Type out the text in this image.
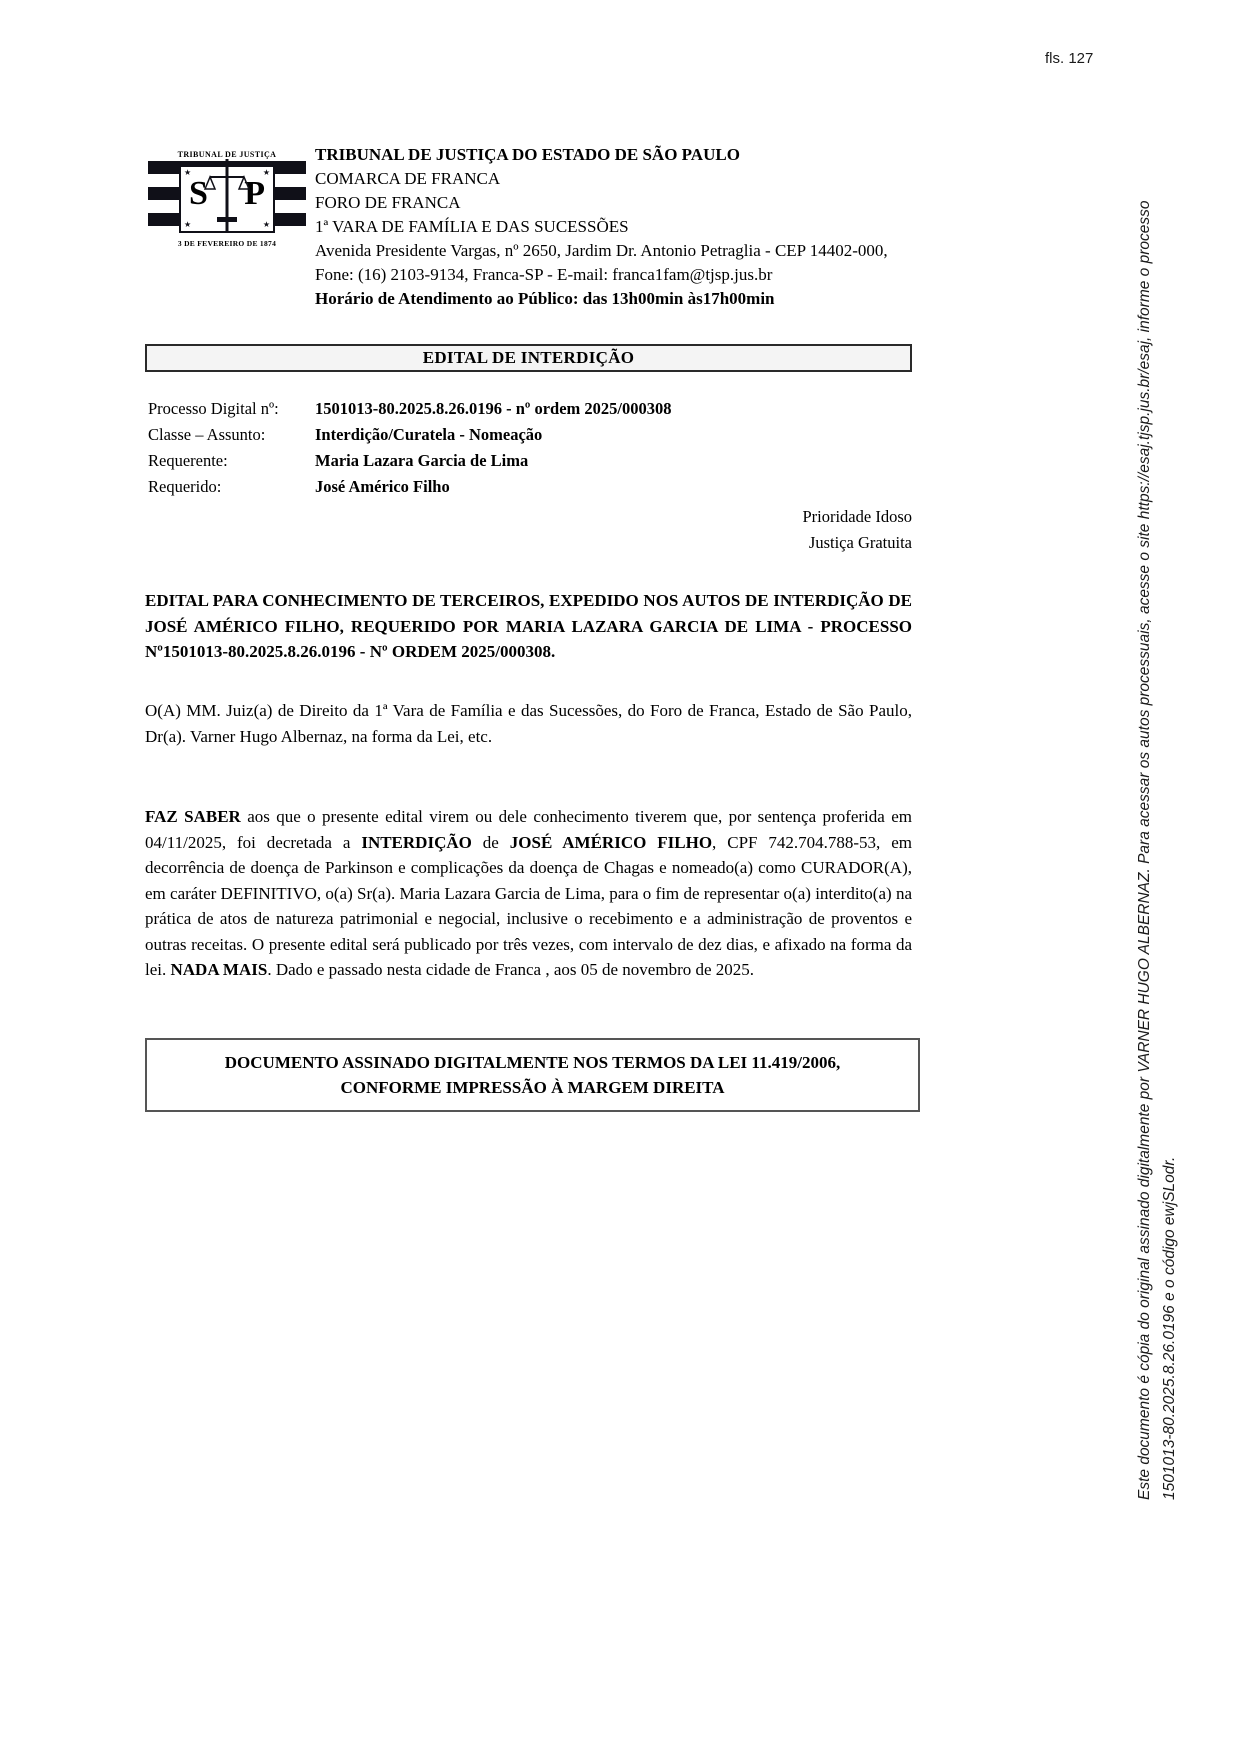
fls. 127
TRIBUNAL DE JUSTIÇA
★	★
★	★
S P
3 DE FEVEREIRO DE 1874
TRIBUNAL DE JUSTIÇA DO ESTADO DE SÃO PAULO
COMARCA DE FRANCA
FORO DE FRANCA
1ª VARA DE FAMÍLIA E DAS SUCESSÕES
Avenida Presidente Vargas, nº 2650, Jardim Dr. Antonio Petraglia - CEP 14402-000, Fone: (16) 2103-9134, Franca-SP - E-mail: franca1fam@tjsp.jus.br
Horário de Atendimento ao Público: das 13h00min às17h00min
EDITAL DE INTERDIÇÃO
Processo Digital nº:	1501013-80.2025.8.26.0196 - nº ordem 2025/000308
Classe – Assunto:	Interdição/Curatela - Nomeação
Requerente:	Maria Lazara Garcia de Lima
Requerido:	José Américo Filho
Prioridade Idoso
Justiça Gratuita
EDITAL PARA CONHECIMENTO DE TERCEIROS, EXPEDIDO NOS AUTOS DE INTERDIÇÃO DE JOSÉ AMÉRICO FILHO, REQUERIDO POR MARIA LAZARA GARCIA DE LIMA - PROCESSO Nº1501013-80.2025.8.26.0196 - Nº ORDEM 2025/000308.
O(A) MM. Juiz(a) de Direito da 1ª Vara de Família e das Sucessões, do Foro de Franca, Estado de São Paulo, Dr(a). Varner Hugo Albernaz, na forma da Lei, etc.
FAZ SABER aos que o presente edital virem ou dele conhecimento tiverem que, por sentença proferida em 04/11/2025, foi decretada a INTERDIÇÃO de JOSÉ AMÉRICO FILHO, CPF 742.704.788-53, em decorrência de doença de Parkinson e complicações da doença de Chagas e nomeado(a) como CURADOR(A), em caráter DEFINITIVO, o(a) Sr(a). Maria Lazara Garcia de Lima, para o fim de representar o(a) interdito(a) na prática de atos de natureza patrimonial e negocial, inclusive o recebimento e a administração de proventos e outras receitas. O presente edital será publicado por três vezes, com intervalo de dez dias, e afixado na forma da lei. NADA MAIS. Dado e passado nesta cidade de Franca , aos 05 de novembro de 2025.
DOCUMENTO ASSINADO DIGITALMENTE NOS TERMOS DA LEI 11.419/2006,
CONFORME IMPRESSÃO À MARGEM DIREITA	Este documento é cópia do original assinado digitalmente por VARNER HUGO ALBERNAZ. Para acessar os autos processuais, acesse o site https://esaj.tjsp.jus.br/esaj, informe o processo 1501013-80.2025.8.26.0196 e o código ewjSLodr.
